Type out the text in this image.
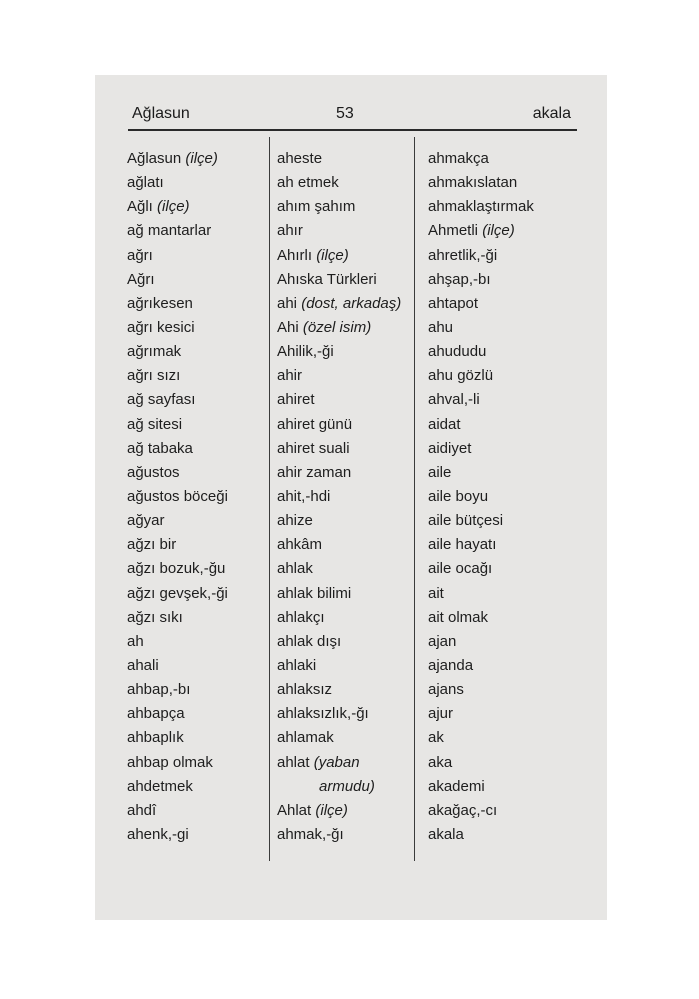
Ağlasun	53	akala
Ağlasun (ilçe)
ağlatı
Ağlı (ilçe)
ağ mantarlar
ağrı
Ağrı
ağrıkesen
ağrı kesici
ağrımak
ağrı sızı
ağ sayfası
ağ sitesi
ağ tabaka
ağustos
ağustos böceği
ağyar
ağzı bir
ağzı bozuk,-ğu
ağzı gevşek,-ği
ağzı sıkı
ah
ahali
ahbap,-bı
ahbapça
ahbaplık
ahbap olmak
ahdetmek
ahdî
ahenk,-gi
aheste
ah etmek
ahım şahım
ahır
Ahırlı (ilçe)
Ahıska Türkleri
ahi (dost, arkadaş)
Ahi (özel isim)
Ahilik,-ği
ahir
ahiret
ahiret günü
ahiret suali
ahir zaman
ahit,-hdi
ahize
ahkâm
ahlak
ahlak bilimi
ahlakçı
ahlak dışı
ahlaki
ahlaksız
ahlaksızlık,-ğı
ahlamak
ahlat (yaban
armudu)
Ahlat (ilçe)
ahmak,-ğı
ahmakça
ahmakıslatan
ahmaklaştırmak
Ahmetli (ilçe)
ahretlik,-ği
ahşap,-bı
ahtapot
ahu
ahududu
ahu gözlü
ahval,-li
aidat
aidiyet
aile
aile boyu
aile bütçesi
aile hayatı
aile ocağı
ait
ait olmak
ajan
ajanda
ajans
ajur
ak
aka
akademi
akağaç,-cı
akala
